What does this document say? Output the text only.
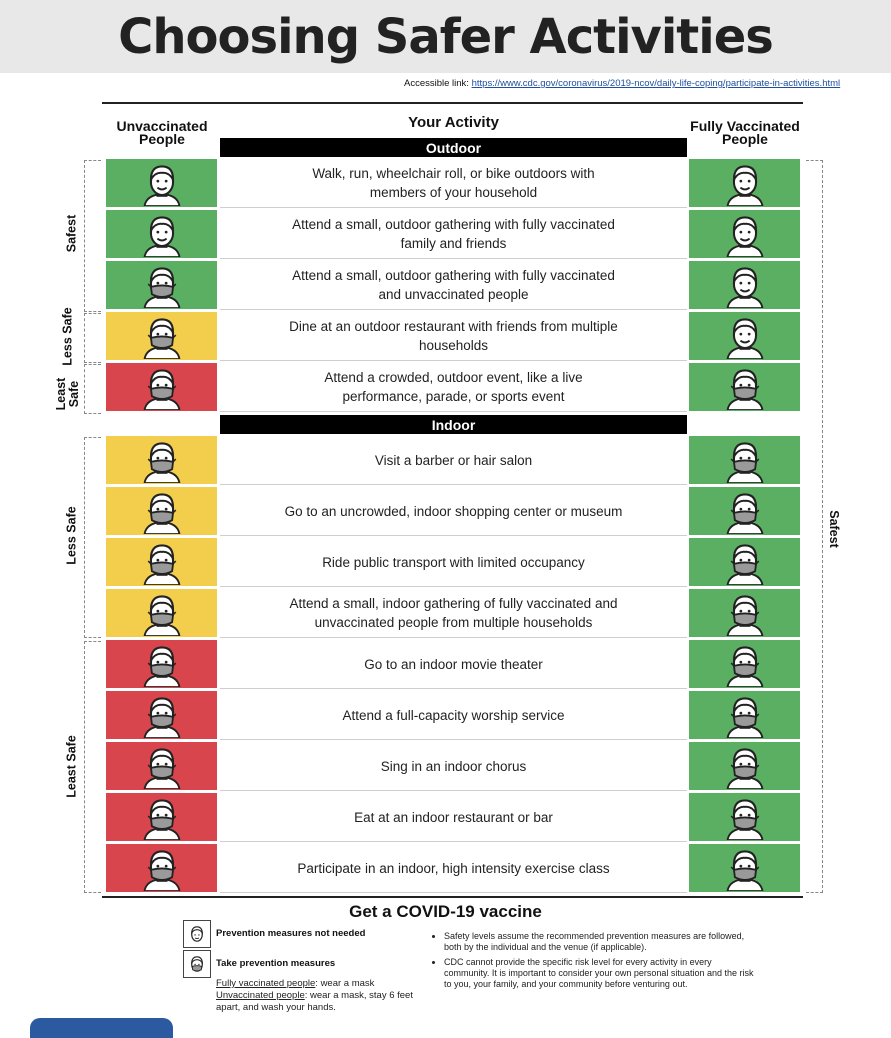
Choosing Safer Activities
Accessible link: https://www.cdc.gov/coronavirus/2019-ncov/daily-life-coping/participate-in-activities.html
Unvaccinated People
Your Activity	Fully Vaccinated People
Outdoor
Walk, run, wheelchair roll, or bike outdoors with members of your household
Attend a small, outdoor gathering with fully vaccinated family and friends
Attend a small, outdoor gathering with fully vaccinated and unvaccinated people
Dine at an outdoor restaurant with friends from multiple households
Attend a crowded, outdoor event, like a live performance, parade, or sports event
Indoor
Visit a barber or hair salon
Go to an uncrowded, indoor shopping center or museum
Ride public transport with limited occupancy
Attend a small, indoor gathering of fully vaccinated and unvaccinated people from multiple households
Go to an indoor movie theater
Attend a full-capacity worship service
Sing in an indoor chorus
Eat at an indoor restaurant or bar
Participate in an indoor, high intensity exercise class
Safest
Less Safe
Least Safe
Less Safe
Least Safe
Safest
Get a COVID-19 vaccine
Prevention measures not needed
Take prevention measures
Fully vaccinated people: wear a mask
Unvaccinated people: wear a mask, stay 6 feet apart, and wash your hands.
• Safety levels assume the recommended prevention measures are followed, both by the individual and the venue (if applicable).
• CDC cannot provide the specific risk level for every activity in every community. It is important to consider your own personal situation and the risk to you, your family, and your community before venturing out.
